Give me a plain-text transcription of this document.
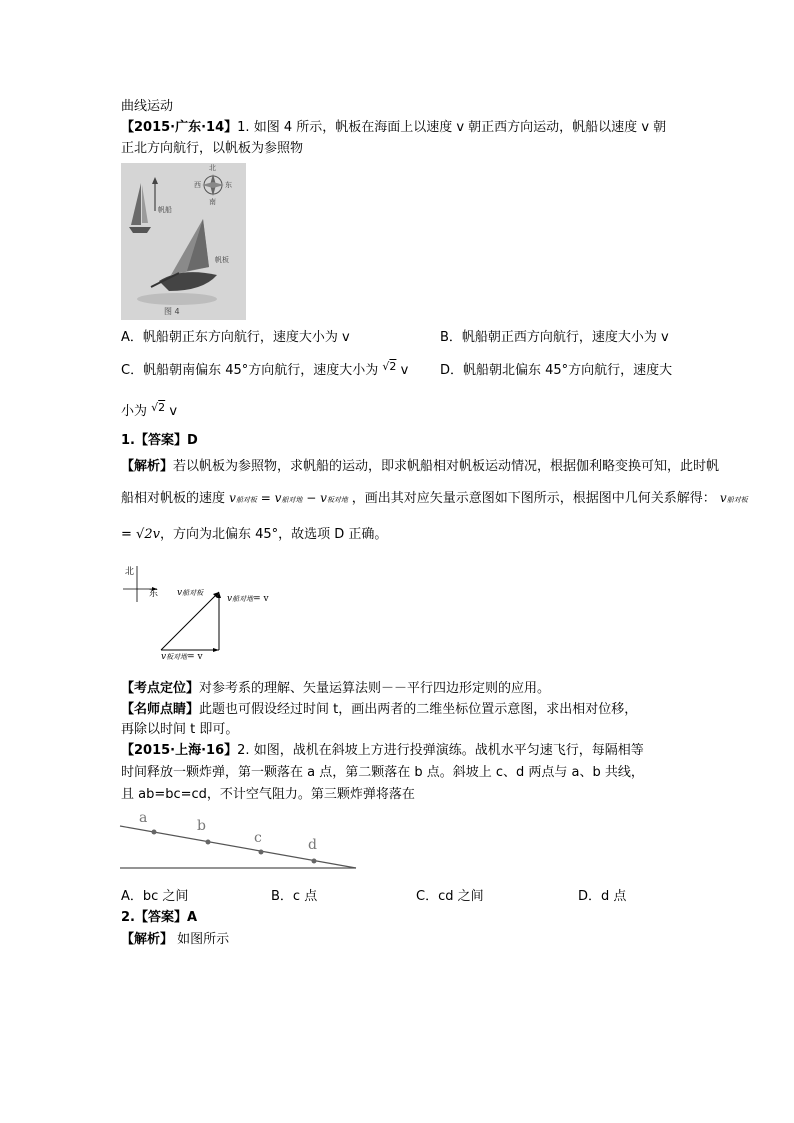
曲线运动
【2015·广东·14】1. 如图 4 所示，帆板在海面上以速度 v 朝正西方向运动，帆船以速度 v 朝
正北方向航行，以帆板为参照物
北
西	东
南
帆船
帆板
图 4
A．帆船朝正东方向航行，速度大小为 v	B．帆船朝正西方向航行，速度大小为 v
C．帆船朝南偏东 45°方向航行，速度大小为 $^{√2}$ v D．帆船朝北偏东 45°方向航行，速度大
小为 $^{√2}$ v
1.【答案】D
【解析】若以帆板为参照物，求帆船的运动，即求帆船相对帆板运动情况，根据伽利略变换可知，此时帆
船相对帆板的速度 v船对板 = v船对地 − v板对地 ，画出其对应矢量示意图如下图所示，根据图中几何关系解得： v船对板
= √2v，方向为北偏东 45°，故选项 D 正确。
北
东 v船对板
v船对地= v
v板对地= v
【考点定位】对参考系的理解、矢量运算法则－－平行四边形定则的应用。
【名师点睛】此题也可假设经过时间 t，画出两者的二维坐标位置示意图，求出相对位移，
再除以时间 t 即可。
【2015·上海·16】2. 如图，战机在斜坡上方进行投弹演练。战机水平匀速飞行，每隔相等
时间释放一颗炸弹，第一颗落在 a 点，第二颗落在 b 点。斜坡上 c、d 两点与 a、b 共线，
且 ab=bc=cd，不计空气阻力。第三颗炸弹将落在
a	b
c	d
A．bc 之间	B．c 点	C．cd 之间	D．d 点
2.【答案】A
【解析】 如图所示
